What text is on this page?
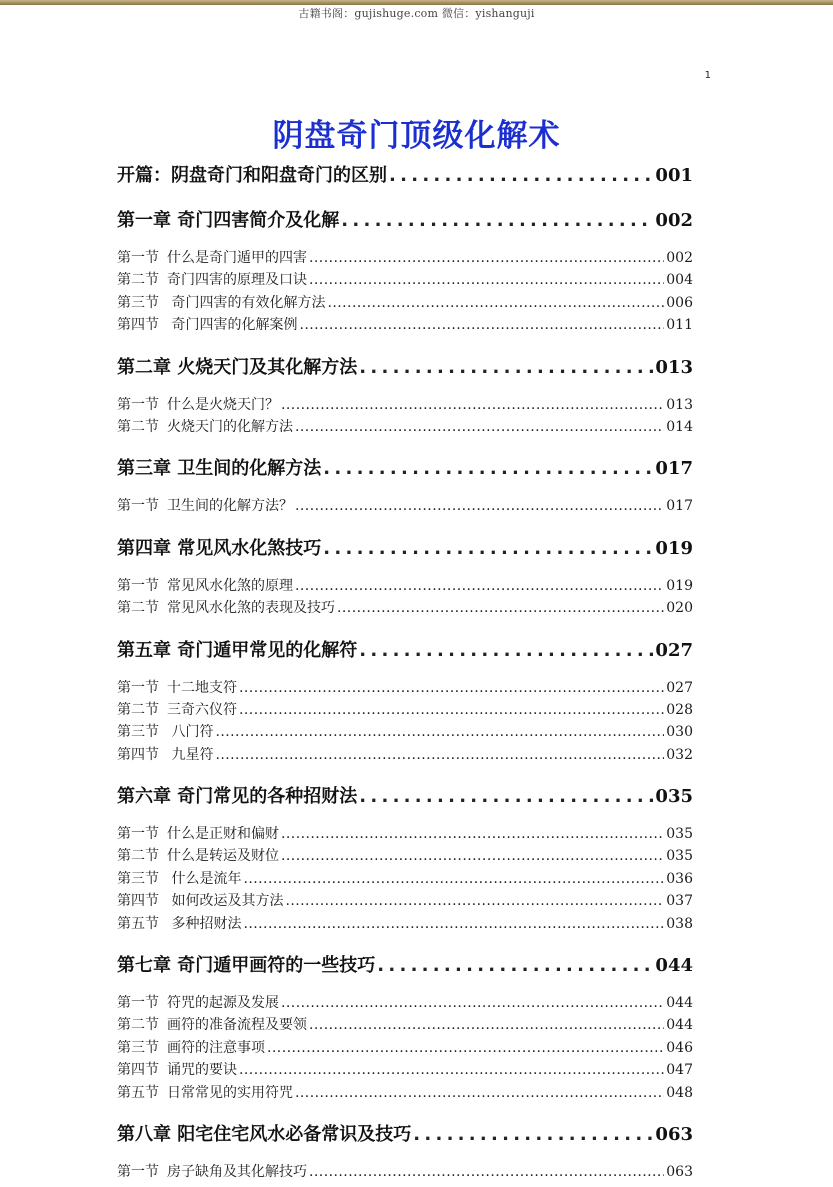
古籍书阁：gujishuge.com 微信：yishanguji
1
阴盘奇门顶级化解术
开篇：阴盘奇门和阳盘奇门的区别 . . .	001
第一章 奇门四害简介及化解 . . .	002
第一节 什么是奇门遁甲的四害 . . .	002
第二节 奇门四害的原理及口诀 . . .	004
第三节 奇门四害的有效化解方法 . . .	006
第四节 奇门四害的化解案例 . . .	011
第二章 火烧天门及其化解方法 . . .	013
第一节 什么是火烧天门？ . . .	013
第二节 火烧天门的化解方法 . . .	014
第三章 卫生间的化解方法 . . .	017
第一节 卫生间的化解方法？ . . .	017
第四章 常见风水化煞技巧 . . .	019
第一节 常见风水化煞的原理 . . .	019
第二节 常见风水化煞的表现及技巧 . . .	020
第五章 奇门遁甲常见的化解符 . . .	027
第一节 十二地支符 . . .	027
第二节 三奇六仪符 . . .	028
第三节 八门符 . . .	030
第四节 九星符 . . .	032
第六章 奇门常见的各种招财法 . . .	035
第一节 什么是正财和偏财 . . .	035
第二节 什么是转运及财位 . . .	035
第三节 什么是流年 . . .	036
第四节 如何改运及其方法 . . .	037
第五节 多种招财法 . . .	038
第七章 奇门遁甲画符的一些技巧 . . .	044
第一节 符咒的起源及发展 . . .	044
第二节 画符的准备流程及要领 . . .	044
第三节 画符的注意事项 . . .	046
第四节 诵咒的要诀 . . .	047
第五节 日常常见的实用符咒 . . .	048
第八章 阳宅住宅风水必备常识及技巧 . . .	063
第一节 房子缺角及其化解技巧 . . .	063
